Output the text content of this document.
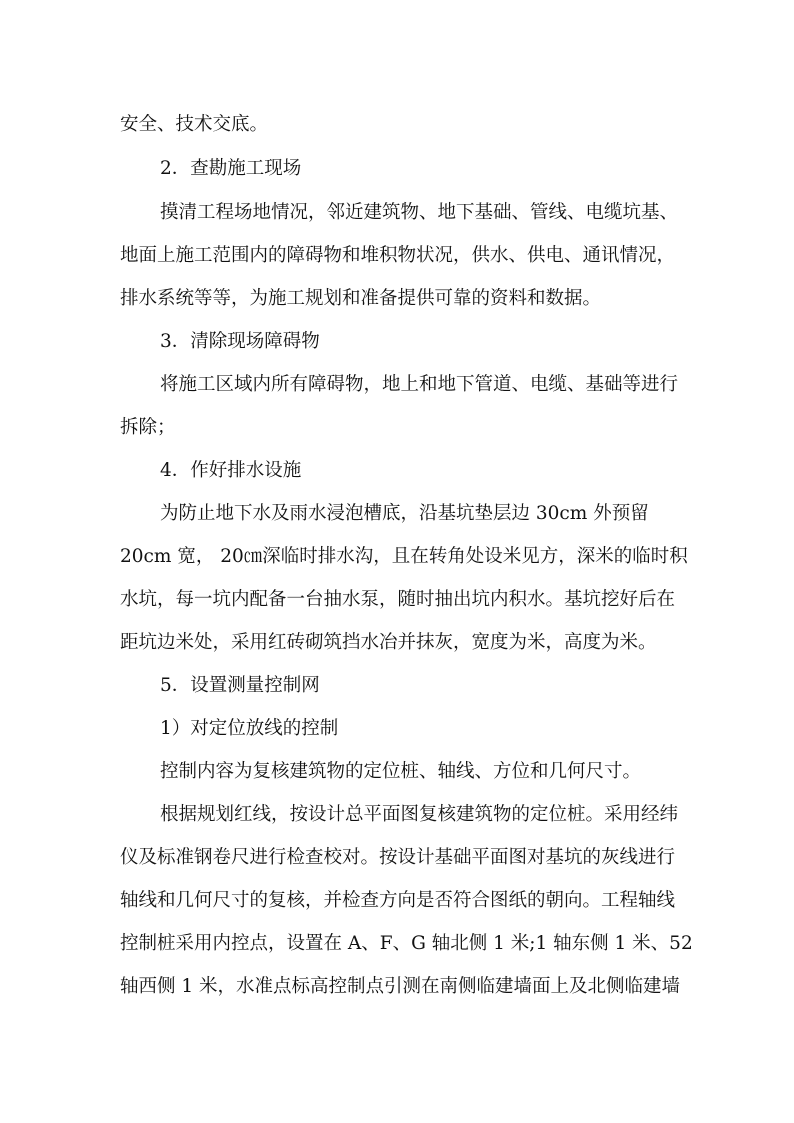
安全、技术交底。
2．查勘施工现场
摸清工程场地情况，邻近建筑物、地下基础、管线、电缆坑基、
地面上施工范围内的障碍物和堆积物状况，供水、供电、通讯情况，
排水系统等等，为施工规划和准备提供可靠的资料和数据。
3．清除现场障碍物
将施工区域内所有障碍物，地上和地下管道、电缆、基础等进行
拆除；
4．作好排水设施
为防止地下水及雨水浸泡槽底，沿基坑垫层边 30cm 外预留
20cm 宽， 20㎝深临时排水沟，且在转角处设米见方，深米的临时积
水坑，每一坑内配备一台抽水泵，随时抽出坑内积水。基坑挖好后在
距坑边米处，采用红砖砌筑挡水冶并抹灰，宽度为米，高度为米。
5．设置测量控制网
1）对定位放线的控制
控制内容为复核建筑物的定位桩、轴线、方位和几何尺寸。
根据规划红线，按设计总平面图复核建筑物的定位桩。采用经纬
仪及标准钢卷尺进行检查校对。按设计基础平面图对基坑的灰线进行
轴线和几何尺寸的复核，并检查方向是否符合图纸的朝向。工程轴线
控制桩采用内控点，设置在 A、F、G 轴北侧 1 米;1 轴东侧 1 米、52
轴西侧 1 米，水准点标高控制点引测在南侧临建墙面上及北侧临建墙
